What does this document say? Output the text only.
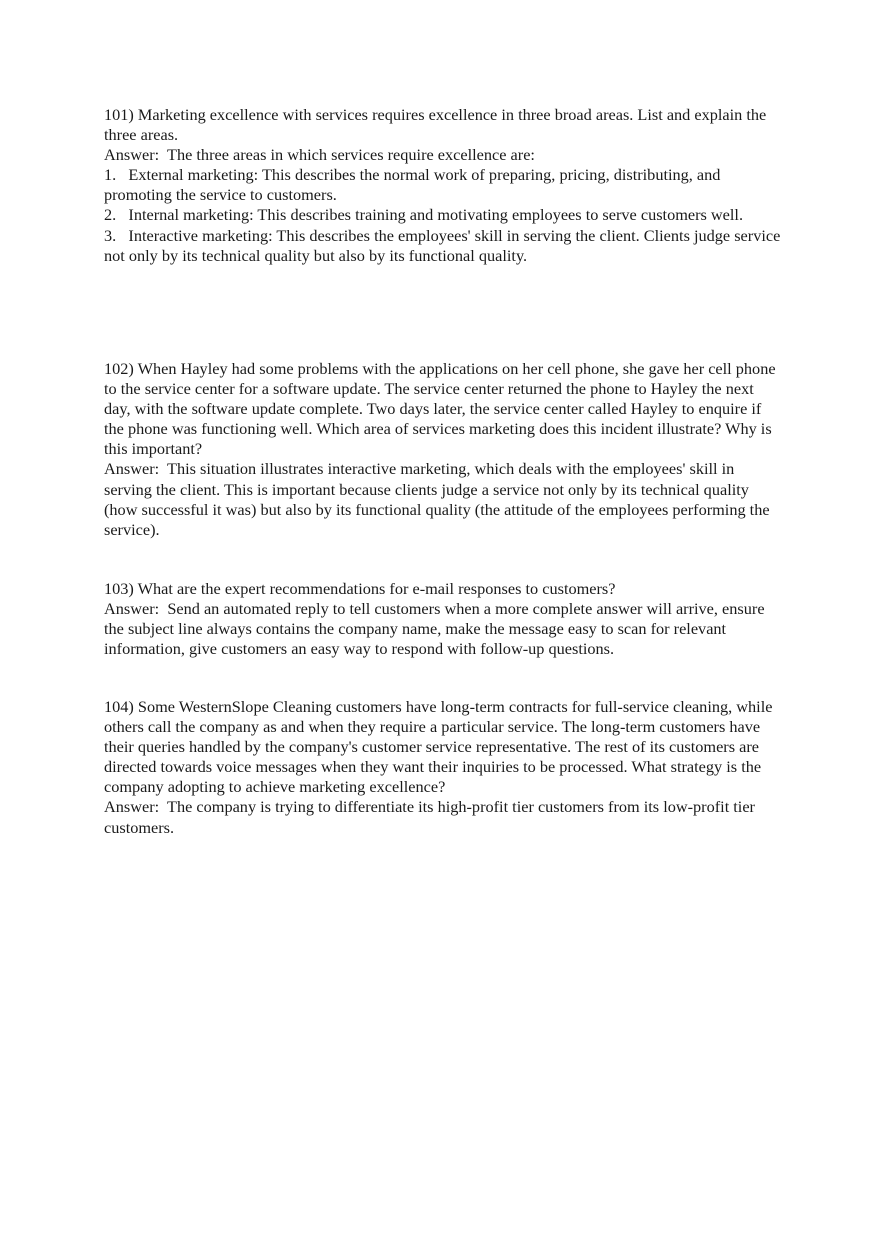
101) Marketing excellence with services requires excellence in three broad areas. List and explain the three areas.

Answer: The three areas in which services require excellence are:

1.   External marketing: This describes the normal work of preparing, pricing, distributing, and promoting the service to customers.
2.   Internal marketing: This describes training and motivating employees to serve customers well.
3.   Interactive marketing: This describes the employees' skill in serving the client. Clients judge service not only by its technical quality but also by its functional quality.

102) When Hayley had some problems with the applications on her cell phone, she gave her cell phone to the service center for a software update. The service center returned the phone to Hayley the next day, with the software update complete. Two days later, the service center called Hayley to enquire if the phone was functioning well. Which area of services marketing does this incident illustrate? Why is this important?

Answer: This situation illustrates interactive marketing, which deals with the employees' skill in serving the client. This is important because clients judge a service not only by its technical quality (how successful it was) but also by its functional quality (the attitude of the employees performing the service).

103) What are the expert recommendations for e-mail responses to customers?

Answer: Send an automated reply to tell customers when a more complete answer will arrive, ensure the subject line always contains the company name, make the message easy to scan for relevant information, give customers an easy way to respond with follow-up questions.

104) Some WesternSlope Cleaning customers have long-term contracts for full-service cleaning, while others call the company as and when they require a particular service. The long-term customers have their queries handled by the company's customer service representative. The rest of its customers are directed towards voice messages when they want their inquiries to be processed. What strategy is the company adopting to achieve marketing excellence?

Answer: The company is trying to differentiate its high-profit tier customers from its low-profit tier customers.
